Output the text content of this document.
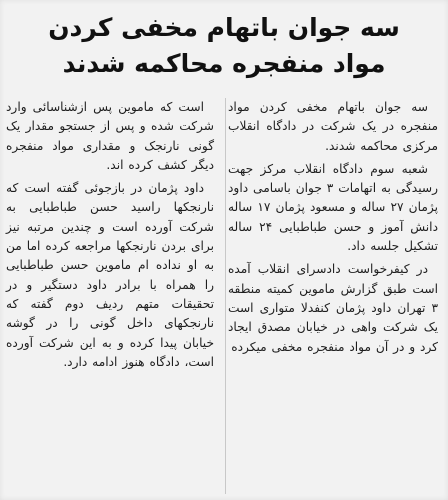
سه جوان باتهام مخفی کردن
مواد منفجره محاکمه شدند

سه جوان باتهام مخفی کردن مواد منفجره در یک شرکت در دادگاه انقلاب مرکزی محاکمه شدند.

شعبه سوم دادگاه انقلاب مرکز جهت رسیدگی به اتهامات ۳ جوان باسامی داود پژمان ۲۷ ساله و مسعود پژمان ۱۷ ساله دانش آموز و حسن طباطبایی ۲۴ ساله تشکیل جلسه داد.

در کیفرخواست دادسرای انقلاب آمده است طبق گزارش ماموین کمیته منطقه ۳ تهران داود پژمان کنفدلا متواری است یک شرکت واهی در خیابان مصدق ایجاد کرد و در آن مواد منفجره مخفی میکرده

است که ماموین پس ازشناسائی وارد شرکت شده و پس از جستجو مقدار یک گونی نارنجک و مقداری مواد منفجره دیگر کشف کرده اند.

داود پژمان در بازجوئی گفته است که نارنجکها راسید حسن طباطبایی به شرکت آورده است و چندین مرتبه نیز برای بردن نارنجکها مراجعه کرده اما من به او نداده ام ماموین حسن طباطبایی را همراه با برادر داود دستگیر و در تحقیقات متهم ردیف دوم گفته که نارنجکهای داخل گونی را در گوشه خیابان پیدا کرده و به این شرکت آورده است، دادگاه هنوز ادامه دارد.
